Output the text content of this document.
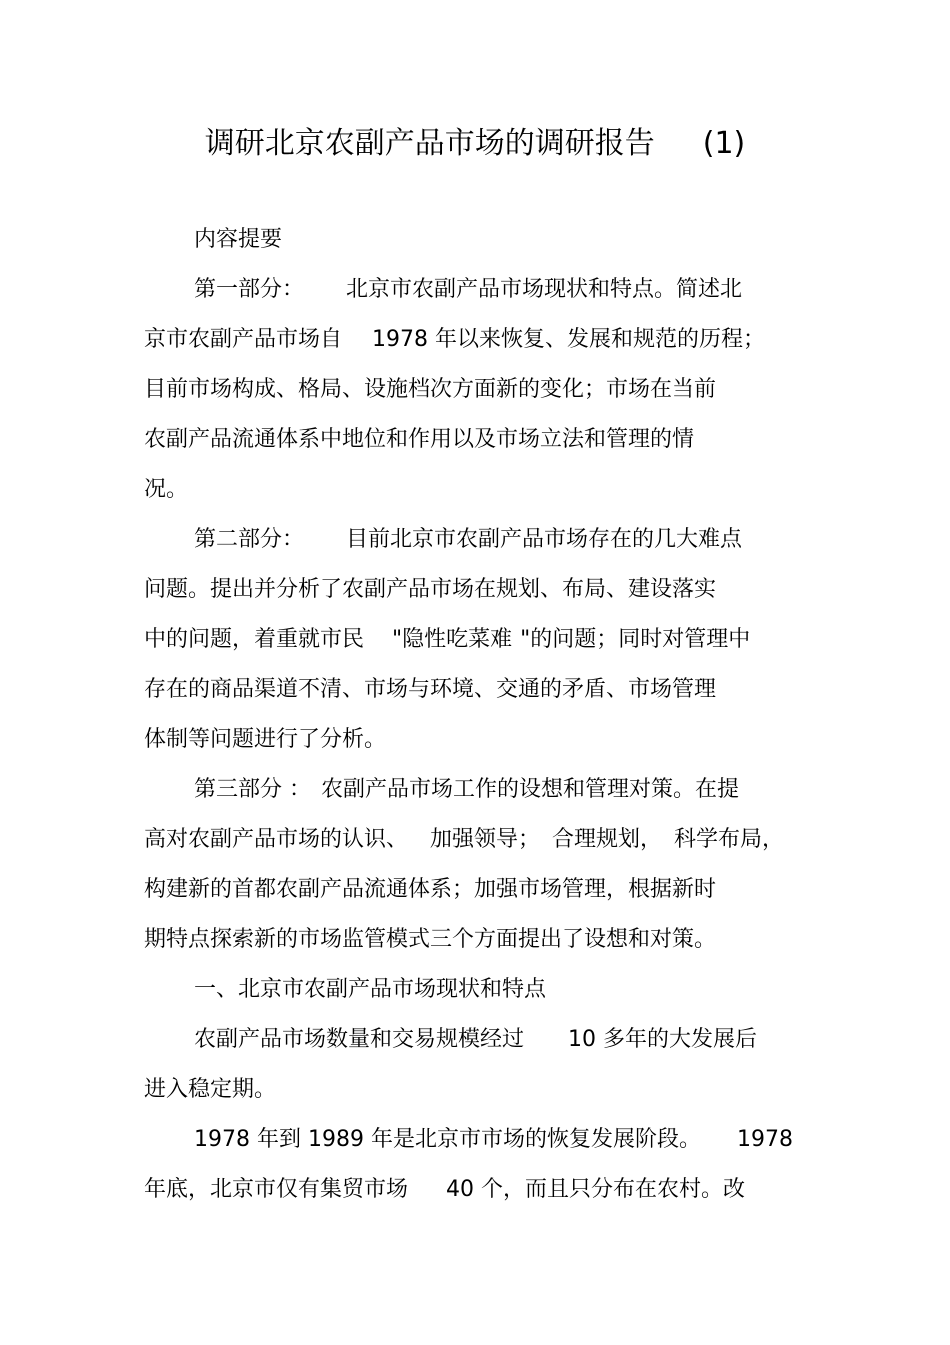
调研北京农副产品市场的调研报告 (1)
内容提要
第一部分： 北京市农副产品市场现状和特点。简述北
京市农副产品市场自 1978 年以来恢复、发展和规范的历程；
目前市场构成、格局、设施档次方面新的变化；市场在当前
农副产品流通体系中地位和作用以及市场立法和管理的情
况。
第二部分： 目前北京市农副产品市场存在的几大难点
问题。提出并分析了农副产品市场在规划、布局、建设落实
中的问题，着重就市民 "隐性吃菜难 "的问题；同时对管理中
存在的商品渠道不清、市场与环境、交通的矛盾、市场管理
体制等问题进行了分析。
第三部分 ： 农副产品市场工作的设想和管理对策。在提
高对农副产品市场的认识、 加强领导； 合理规划， 科学布局，
构建新的首都农副产品流通体系；加强市场管理，根据新时
期特点探索新的市场监管模式三个方面提出了设想和对策。
一、北京市农副产品市场现状和特点
农副产品市场数量和交易规模经过 10 多年的大发展后
进入稳定期。
1978 年到 1989 年是北京市市场的恢复发展阶段。 1978
年底，北京市仅有集贸市场 40 个，而且只分布在农村。改
